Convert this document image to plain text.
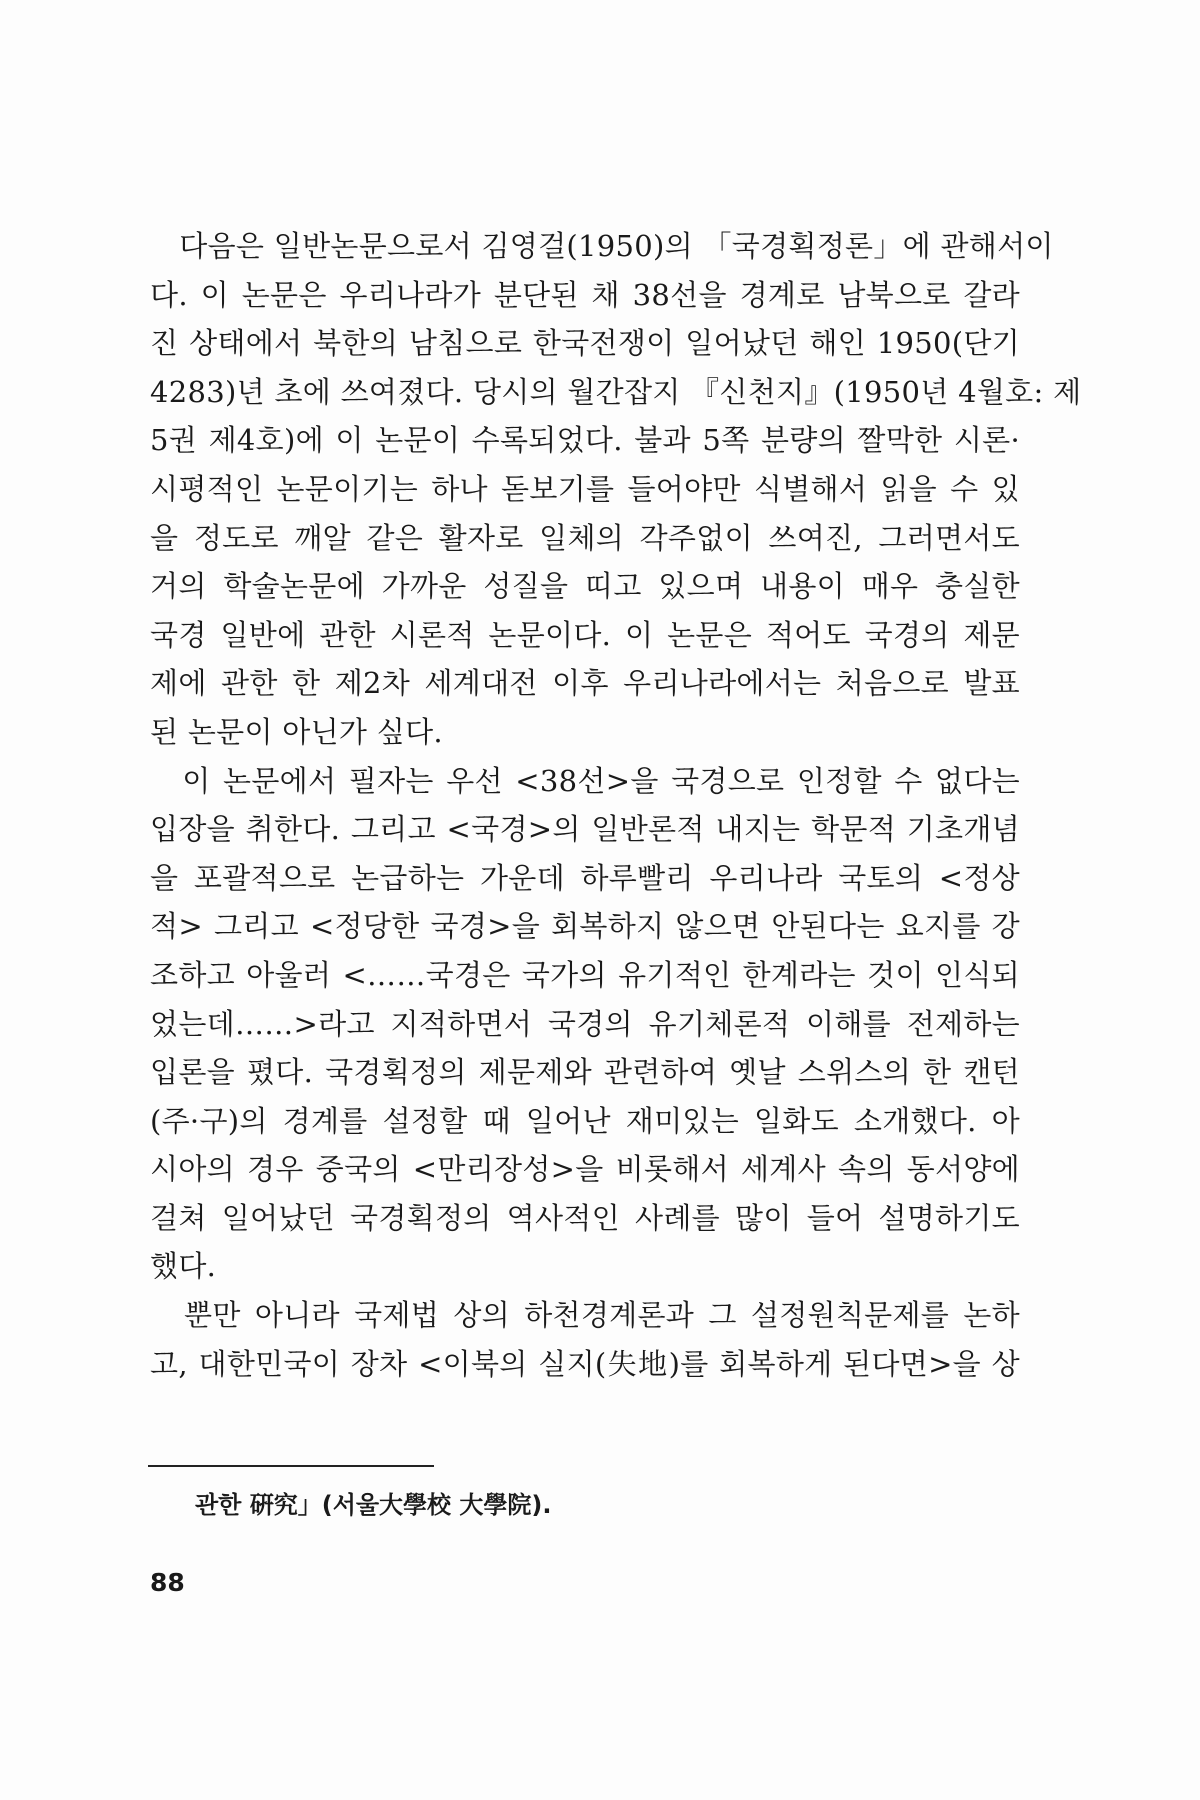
　다음은 일반논문으로서 김영걸(1950)의 「국경획정론」에 관해서이
다. 이 논문은 우리나라가 분단된 채 38선을 경계로 남북으로 갈라
진 상태에서 북한의 남침으로 한국전쟁이 일어났던 해인 1950(단기
4283)년 초에 쓰여졌다. 당시의 월간잡지 『신천지』(1950년 4월호: 제
5권 제4호)에 이 논문이 수록되었다. 불과 5쪽 분량의 짤막한 시론·
시평적인 논문이기는 하나 돋보기를 들어야만 식별해서 읽을 수 있
을 정도로 깨알 같은 활자로 일체의 각주없이 쓰여진, 그러면서도
거의 학술논문에 가까운 성질을 띠고 있으며 내용이 매우 충실한
국경 일반에 관한 시론적 논문이다. 이 논문은 적어도 국경의 제문
제에 관한 한 제2차 세계대전 이후 우리나라에서는 처음으로 발표
된 논문이 아닌가 싶다.
　이 논문에서 필자는 우선 <38선>을 국경으로 인정할 수 없다는
입장을 취한다. 그리고 <국경>의 일반론적 내지는 학문적 기초개념
을 포괄적으로 논급하는 가운데 하루빨리 우리나라 국토의 <정상
적> 그리고 <정당한 국경>을 회복하지 않으면 안된다는 요지를 강
조하고 아울러 <……국경은 국가의 유기적인 한계라는 것이 인식되
었는데……>라고 지적하면서 국경의 유기체론적 이해를 전제하는
입론을 폈다. 국경획정의 제문제와 관련하여 옛날 스위스의 한 캔턴
(주·구)의 경계를 설정할 때 일어난 재미있는 일화도 소개했다. 아
시아의 경우 중국의 <만리장성>을 비롯해서 세계사 속의 동서양에
걸쳐 일어났던 국경획정의 역사적인 사례를 많이 들어 설명하기도
했다.
　뿐만 아니라 국제법 상의 하천경계론과 그 설정원칙문제를 논하
고, 대한민국이 장차 <이북의 실지(失地)를 회복하게 된다면>을 상
관한 硏究」(서울大學校 大學院).
88
